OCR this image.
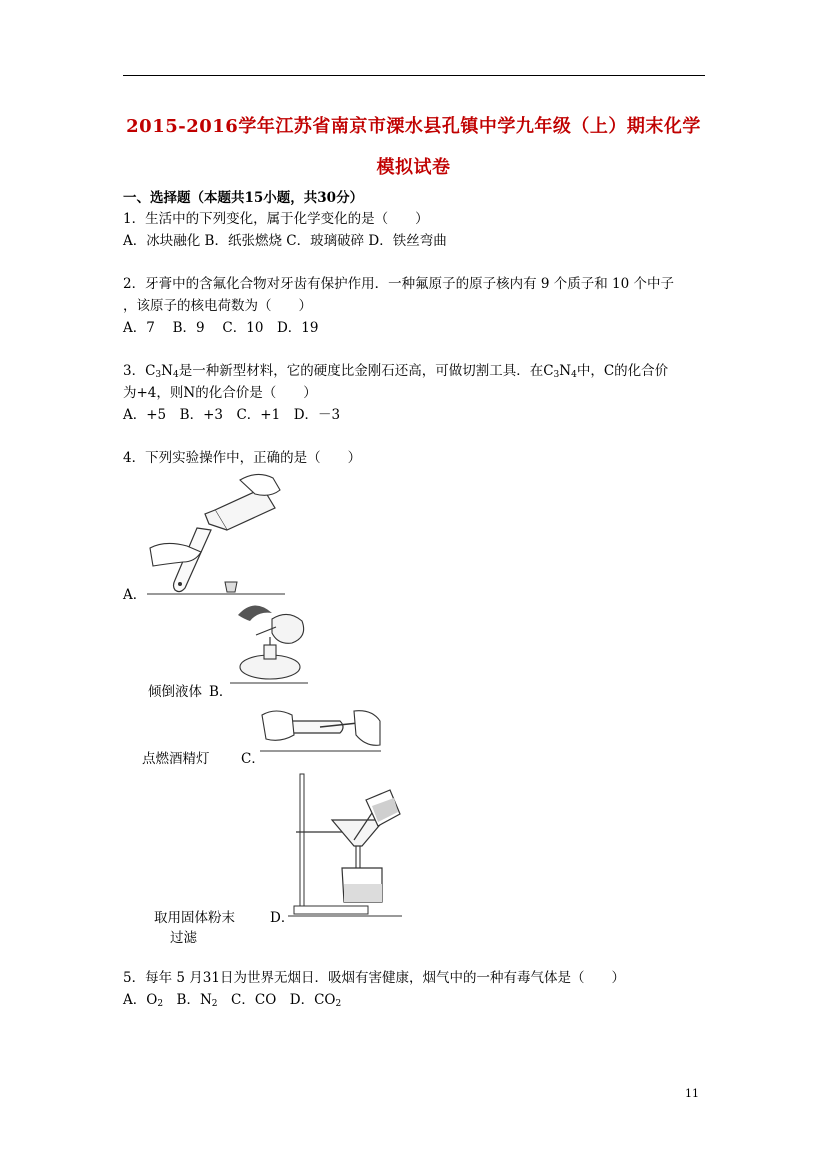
2015-2016学年江苏省南京市溧水县孔镇中学九年级（上）期末化学
模拟试卷
一、选择题（本题共15小题，共30分）
1．生活中的下列变化，属于化学变化的是（　　）
A．冰块融化 B．纸张燃烧 C．玻璃破碎 D．铁丝弯曲
2．牙膏中的含氟化合物对牙齿有保护作用．一种氟原子的原子核内有 9 个质子和 10 个中子
，该原子的核电荷数为（　　）
A．7　 B．9　 C．10　D．19
3．$C_3N_4$是一种新型材料，它的硬度比金刚石还高，可做切割工具．在$C_3N_4$中，C的化合价
为+4，则N的化合价是（　　）
A．+5　B．+3　C．+1　D．－3
4．下列实验操作中，正确的是（　　）
A．
倾倒液体 B．
点燃酒精灯 C．
取用固体粉末	D．
过滤
5．每年 5 月31日为世界无烟日．吸烟有害健康，烟气中的一种有毒气体是（　　）
A．$O_2$　B．$N_2$　C．CO　D．$CO_2$
11
